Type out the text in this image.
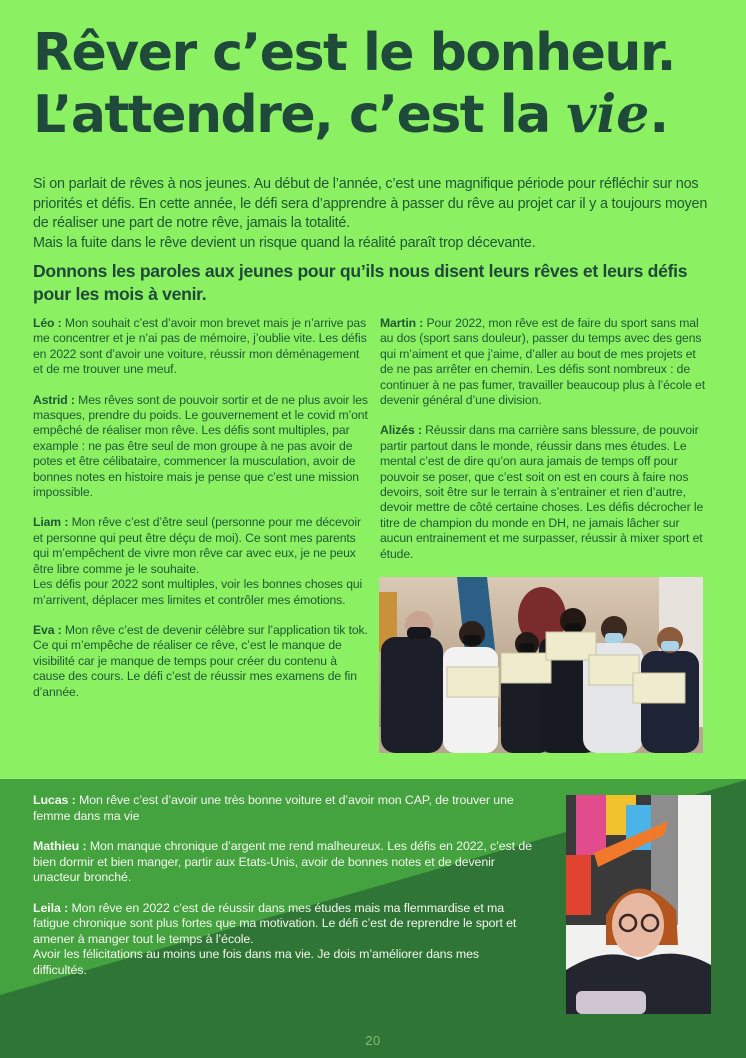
Rêver c’est le bonheur.
L’attendre, c’est la vie.

Si on parlait de rêves à nos jeunes. Au début de l’année, c’est une magnifique période pour réfléchir sur nos priorités et défis. En cette année, le défi sera d’apprendre à passer du rêve au projet car il y a toujours moyen de réaliser une part de notre rêve, jamais la totalité.

Mais la fuite dans le rêve devient un risque quand la réalité paraît trop décevante.

Donnons les paroles aux jeunes pour qu’ils nous disent leurs rêves et leurs défis pour les mois à venir.

Léo : Mon souhait c’est d’avoir mon brevet mais je n’arrive pas me concentrer et je n’ai pas de mémoire, j’oublie vite. Les défis en 2022 sont d’avoir une voiture, réussir mon déménagement et de me trouver une meuf.

Astrid : Mes rêves sont de pouvoir sortir et de ne plus avoir les masques, prendre du poids. Le gouvernement et le covid m’ont empêché de réaliser mon rêve. Les défis sont multiples, par example : ne pas être seul de mon groupe à ne pas avoir de potes et être célibataire, commencer la musculation, avoir de bonnes notes en histoire mais je pense que c’est une mission impossible.

Liam : Mon rêve c’est d’être seul (personne pour me décevoir et personne qui peut être déçu de moi). Ce sont mes parents qui m’empêchent de vivre mon rêve car avec eux, je ne peux être libre comme je le souhaite.
Les défis pour 2022 sont multiples, voir les bonnes choses qui m’arrivent, déplacer mes limites et contrôler mes émotions.

Eva : Mon rêve c’est de devenir célèbre sur l’application tik tok. Ce qui m’empêche de réaliser ce rêve, c’est le manque de visibilité car je manque de temps pour créer du contenu à cause des cours. Le défi c’est de réussir mes examens de fin d’année.

Martin : Pour 2022, mon rêve est de faire du sport sans mal au dos (sport sans douleur), passer du temps avec des gens qui m’aiment et que j’aime, d’aller au bout de mes projets et de ne pas arrêter en chemin. Les défis sont nombreux : de continuer à ne pas fumer, travailler beaucoup plus à l’école et devenir général d’une division.

Alizés : Réussir dans ma carrière sans blessure, de pouvoir partir partout dans le monde, réussir dans mes études. Le mental c’est de dire qu’on aura jamais de temps off pour pouvoir se poser, que c’est soit on est en cours à faire nos devoirs, soit être sur le terrain à s’entrainer et rien d’autre, devoir mettre de côté certaine choses. Les défis décrocher le titre de champion du monde en DH, ne jamais lâcher sur aucun entrainement et me surpasser, réussir à mixer sport et étude.

Lucas : Mon rêve c’est d’avoir une très bonne voiture et d’avoir mon CAP, de trouver une femme dans ma vie

Mathieu : Mon manque chronique d’argent me rend malheureux. Les défis en 2022, c’est de bien dormir et bien manger, partir aux Etats-Unis, avoir de bonnes notes et de devenir unacteur bronché.

Leila : Mon rêve en 2022 c’est de réussir dans mes études mais ma flemmardise et ma fatigue chronique sont plus fortes que ma motivation. Le défi c’est de reprendre le sport et amener à manger tout le temps à l’école.
Avoir les félicitations au moins une fois dans ma vie. Je dois m’améliorer dans mes difficultés.

20
